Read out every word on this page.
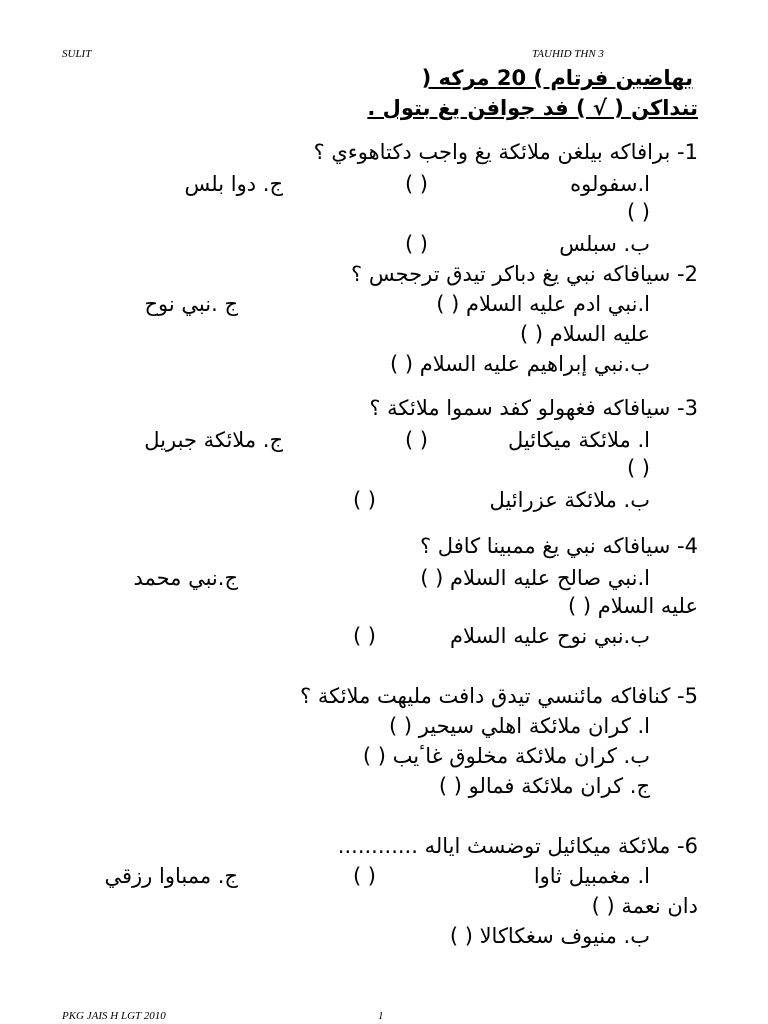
SULIT	TAUHID THN 3
بهاضين فرتام ) 20 مركه (
تنداكن ( √ ) فد جوافن يغ بتول .
1- برافاكه بيلغن ملائكة يغ واجب دكتاهوءي ؟
ا.سفولوه
( )
ج. دوا بلس
( )
ب. سبلس
( )
2- سيافاكه نبي يغ دباكر تيدق ترججس ؟
ا.نبي ادم عليه السلام ( )
ج .نبي نوح
عليه السلام ( )
ب.نبي إبراهيم عليه السلام ( )
3- سيافاكه فغهولو كفد سموا ملائكة ؟
ا. ملائكة ميكائيل
( )
ج. ملائكة جبريل
( )
ب. ملائكة عزرائيل
( )
4- سيافاكه نبي يغ ممبينا كافل ؟
ا.نبي صالح عليه السلام ( )
ج.نبي محمد
عليه السلام ( )
ب.نبي نوح عليه السلام
( )
5- كنافاكه مائنسي تيدق دافت مليهت ملائكة ؟
ا. كران ملائكة اهلي سيحير ( )
ب. كران ملائكة مخلوق غاٴيب ( )
ج. كران ملائكة فمالو ( )
6- ملائكة ميكائيل توضسث اياله ............
ا. مغمبيل ثاوا
( )
ج. ممباوا رزقي
دان نعمة ( )
ب. منيوف سغكاكالا ( )
PKG JAIS H LGT 2010	1
